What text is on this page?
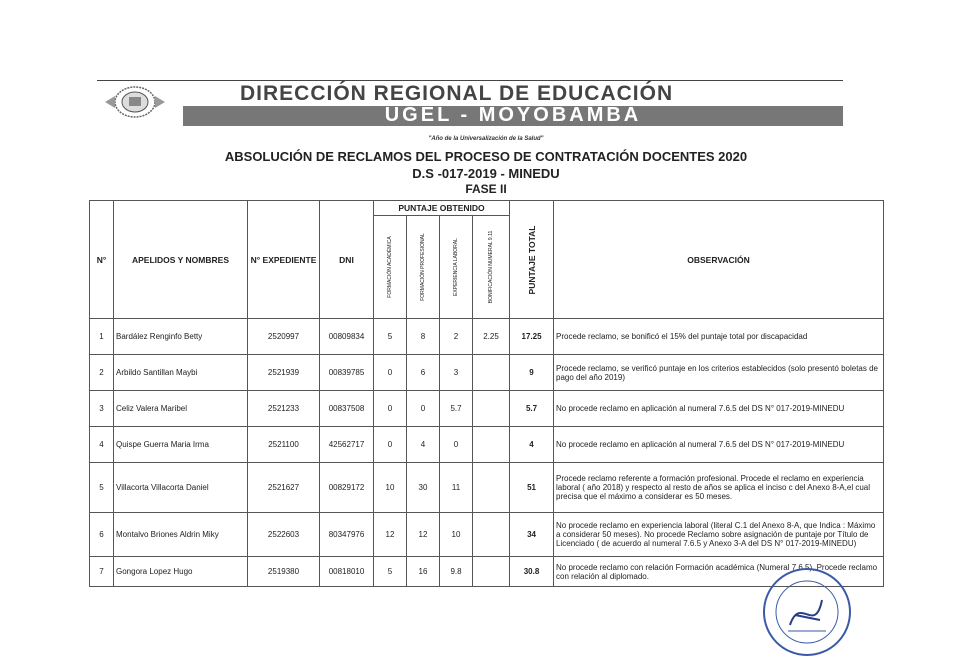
DIRECCIÓN REGIONAL DE EDUCACIÓN
UGEL - MOYOBAMBA
"Año de la Universalización de la Salud"
ABSOLUCIÓN DE RECLAMOS DEL PROCESO DE CONTRATACIÓN DOCENTES 2020
D.S -017-2019 - MINEDU
FASE II
N°	APELIDOS Y NOMBRES	N° EXPEDIENTE	DNI	PUNTAJE OBTENIDO				PUNTAJE TOTAL	OBSERVACIÓN

				FORMACIÓN ACADÉMICA	FORMACIÓN PROFESIONAL	EXPERIENCIA LABORAL	BONIFICACIÓN NUMERAL 9.11		

1	Bardález Renginfo Betty	2520997	00809834	5	8	2	2.25	17.25	Procede reclamo, se bonificó el 15% del puntaje total por discapacidad
2	Arbildo Santillan Maybi	2521939	00839785	0	6	3		9	Procede reclamo, se verificó puntaje en los criterios establecidos (solo presentó boletas de pago del año 2019)
3	Celiz Valera Maribel	2521233	00837508	0	0	5.7		5.7	No procede reclamo en aplicación al numeral 7.6.5 del DS N° 017-2019-MINEDU
4	Quispe Guerra Maria Irma	2521100	42562717	0	4	0		4	No procede reclamo en aplicación al numeral 7.6.5 del DS N° 017-2019-MINEDU
5	Villacorta Villacorta Daniel	2521627	00829172	10	30	11		51	Procede reclamo referente a formación profesional. Procede el reclamo en experiencia laboral ( año 2018) y respecto al resto de años se aplica el inciso c del Anexo 8-A,el cual precisa que el máximo a considerar es 50 meses.
6	Montalvo Briones Aldrin Miky	2522603	80347976	12	12	10		34	No procede reclamo en experiencia laboral (literal C.1 del Anexo 8-A, que Indica : Máximo a considerar 50 meses). No procede Reclamo sobre asignación de puntaje por Título de Licenciado ( de acuerdo al numeral 7.6.5 y Anexo 3-A del DS N° 017-2019-MINEDU)
7	Gongora Lopez Hugo	2519380	00818010	5	16	9.8		30.8	No procede reclamo con relación Formación académica (Numeral 7.6.5), Procede reclamo con relación al diplomado.
